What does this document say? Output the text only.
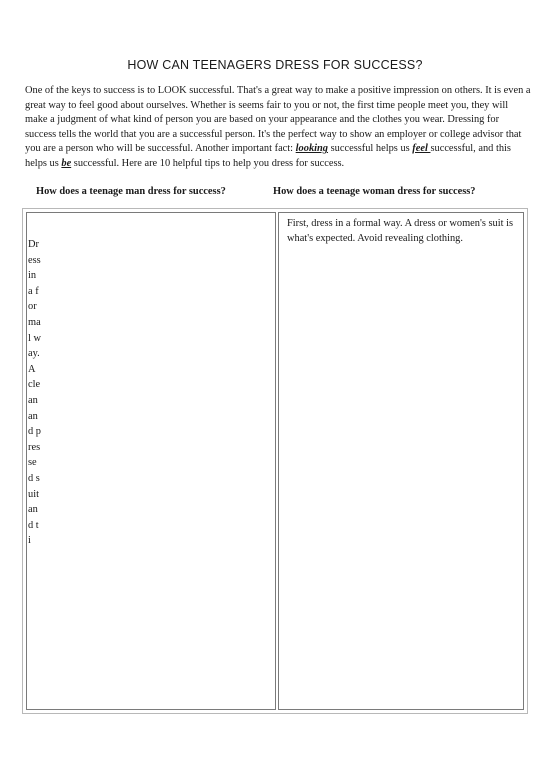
HOW CAN TEENAGERS DRESS FOR SUCCESS?

One of the keys to success is to LOOK successful. That's a great way to make a positive impression on others. It is even a great way to feel good about ourselves. Whether is seems fair to you or not, the first time people meet you, they will make a judgment of what kind of person you are based on your appearance and the clothes you wear. Dressing for success tells the world that you are a successful person. It's the perfect way to show an employer or college advisor that you are a person who will be successful. Another important fact: looking successful helps us feel successful, and this helps us be successful. Here are 10 helpful tips to help you dress for success.

How does a teenage man dress for success?	How does a teenage woman dress for success?
Dress in a formal way. A clean and pressed suit and ti
First, dress in a formal way. A dress or women's suit is what's expected. Avoid revealing clothing.
